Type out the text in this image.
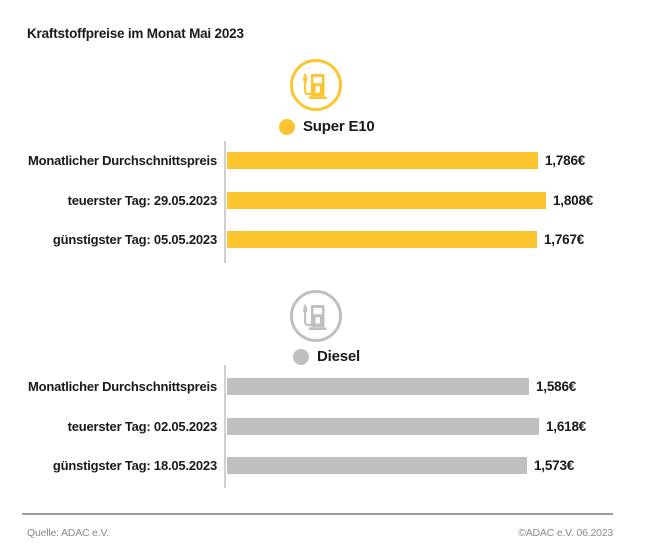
Kraftstoffpreise im Monat Mai 2023
Super E10
Monatlicher Durchschnittspreis	1,786€
teuerster Tag: 29.05.2023	1,808€
günstigster Tag: 05.05.2023	1,767€
Diesel
Monatlicher Durchschnittspreis	1,586€
teuerster Tag: 02.05.2023	1,618€
günstigster Tag: 18.05.2023	1,573€
Quelle: ADAC e.V.	©ADAC e.V. 06.2023
